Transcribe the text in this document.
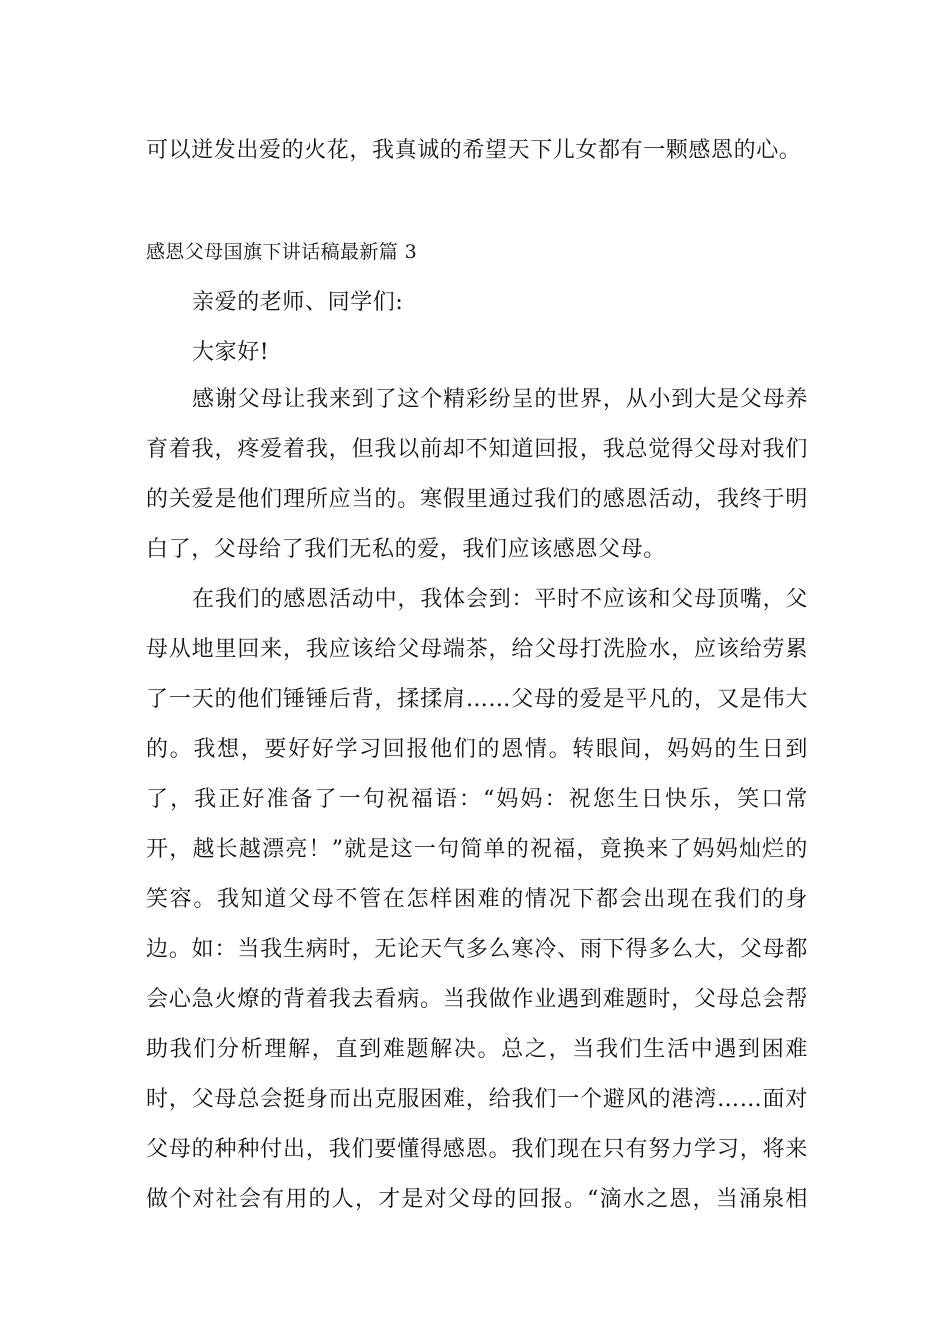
可以迸发出爱的火花，我真诚的希望天下儿女都有一颗感恩的心。
感恩父母国旗下讲话稿最新篇 3
亲爱的老师、同学们:
大家好!
感谢父母让我来到了这个精彩纷呈的世界，从小到大是父母养
育着我，疼爱着我，但我以前却不知道回报，我总觉得父母对我们
的关爱是他们理所应当的。寒假里通过我们的感恩活动，我终于明
白了，父母给了我们无私的爱，我们应该感恩父母。
在我们的感恩活动中，我体会到：平时不应该和父母顶嘴，父
母从地里回来，我应该给父母端茶，给父母打洗脸水，应该给劳累
了一天的他们锤锤后背，揉揉肩……父母的爱是平凡的，又是伟大
的。我想，要好好学习回报他们的恩情。转眼间，妈妈的生日到
了，我正好准备了一句祝福语：“妈妈：祝您生日快乐，笑口常
开，越长越漂亮！”就是这一句简单的祝福，竟换来了妈妈灿烂的
笑容。我知道父母不管在怎样困难的情况下都会出现在我们的身
边。如：当我生病时，无论天气多么寒冷、雨下得多么大，父母都
会心急火燎的背着我去看病。当我做作业遇到难题时，父母总会帮
助我们分析理解，直到难题解决。总之，当我们生活中遇到困难
时，父母总会挺身而出克服困难，给我们一个避风的港湾……面对
父母的种种付出，我们要懂得感恩。我们现在只有努力学习，将来
做个对社会有用的人，才是对父母的回报。“滴水之恩，当涌泉相
